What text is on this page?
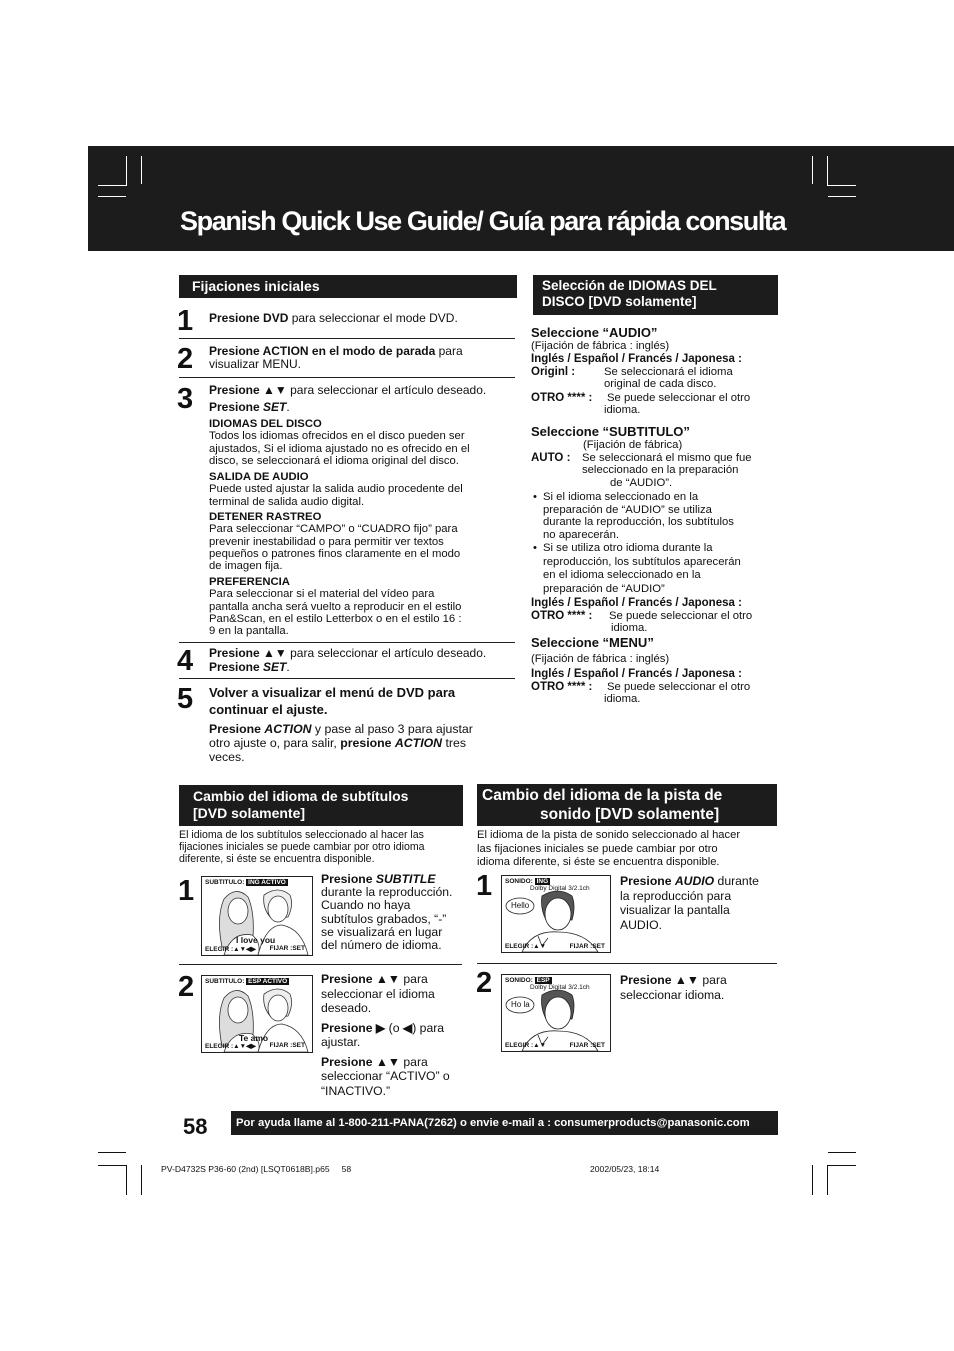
Spanish Quick Use Guide/ Guía para rápida consulta
Fijaciones iniciales
1 Presione DVD para seleccionar el mode DVD.
2 Presione ACTION en el modo de parada para
visualizar MENU.
3 Presione ▲▼ para seleccionar el artículo deseado.
Presione SET.
IDIOMAS DEL DISCO
Todos los idiomas ofrecidos en el disco pueden ser
ajustados, Si el idioma ajustado no es ofrecido en el
disco, se seleccionará el idioma original del disco.
SALIDA DE AUDIO
Puede usted ajustar la salida audio procedente del
terminal de salida audio digital.
DETENER RASTREO
Para seleccionar “CAMPO” o “CUADRO fijo” para
prevenir inestabilidad o para permitir ver textos
pequeños o patrones finos claramente en el modo
de imagen fija.
PREFERENCIA
Para seleccionar si el material del vídeo para
pantalla ancha será vuelto a reproducir en el estilo
Pan&Scan, en el estilo Letterbox o en el estilo 16 :
9 en la pantalla.
4 Presione ▲▼ para seleccionar el artículo deseado.
Presione SET.
5 Volver a visualizar el menú de DVD para
continuar el ajuste.
Presione ACTION y pase al paso 3 para ajustar
otro ajuste o, para salir, presione ACTION tres
veces.
Selección de IDIOMAS DEL
DISCO [DVD solamente]
Seleccione “AUDIO”
(Fijación de fábrica : inglés)
Inglés / Español / Francés / Japonesa :
Originl :	Se seleccionará el idioma
original de cada disco.
OTRO **** : Se puede seleccionar el otro
idioma.
Seleccione “SUBTITULO”
(Fijación de fábrica)
AUTO : Se seleccionará el mismo que fue
seleccionado en la preparación
de “AUDIO”.
• Si el idioma seleccionado en la
preparación de “AUDIO” se utiliza
durante la reproducción, los subtítulos
no aparecerán.
• Si se utiliza otro idioma durante la
reproducción, los subtítulos aparecerán
en el idioma seleccionado en la
preparación de “AUDIO”
Inglés / Español / Francés / Japonesa :
OTRO **** : Se puede seleccionar el otro
idioma.
Seleccione “MENU”
(Fijación de fábrica : inglés)
Inglés / Español / Francés / Japonesa :
OTRO **** : Se puede seleccionar el otro
idioma.
Cambio del idioma de subtítulos
[DVD solamente]
El idioma de los subtítulos seleccionado al hacer las
fijaciones iniciales se puede cambiar por otro idioma
diferente, si éste se encuentra disponible.
1 SUBTITULO: ING ACTIVO
I love you
ELEGIR :▲▼◀▶ FIJAR :SET
Presione SUBTITLE
durante la reproducción.
Cuando no haya
subtítulos grabados, “-”
se visualizará en lugar
del número de idioma.
2 SUBTITULO: ESP ACTIVO
Te amo
ELEGIR :▲▼◀▶ FIJAR :SET
Presione ▲▼ para
seleccionar el idioma
deseado.
Presione ▶ (o ◀) para
ajustar.
Presione ▲▼ para
seleccionar “ACTIVO” o
“INACTIVO.”
Cambio del idioma de la pista de
sonido [DVD solamente]
El idioma de la pista de sonido seleccionado al hacer
las fijaciones iniciales se puede cambiar por otro
idioma diferente, si éste se encuentra disponible.
1 SONIDO: ING
Dolby Digital 3/2.1ch
Hello
ELEGIR :▲▼	FIJAR :SET
Presione AUDIO durante
la reproducción para
visualizar la pantalla
AUDIO.
2 SONIDO: ESP
Dolby Digital 3/2.1ch
Ho la
ELEGIR :▲▼	FIJAR :SET
Presione ▲▼ para
seleccionar idioma.
58	Por ayuda llame al 1-800-211-PANA(7262) o envie e-mail a : consumerproducts@panasonic.com
PV-D4732S P36-60 (2nd) [LSQT0618B].p65     58	2002/05/23, 18:14
